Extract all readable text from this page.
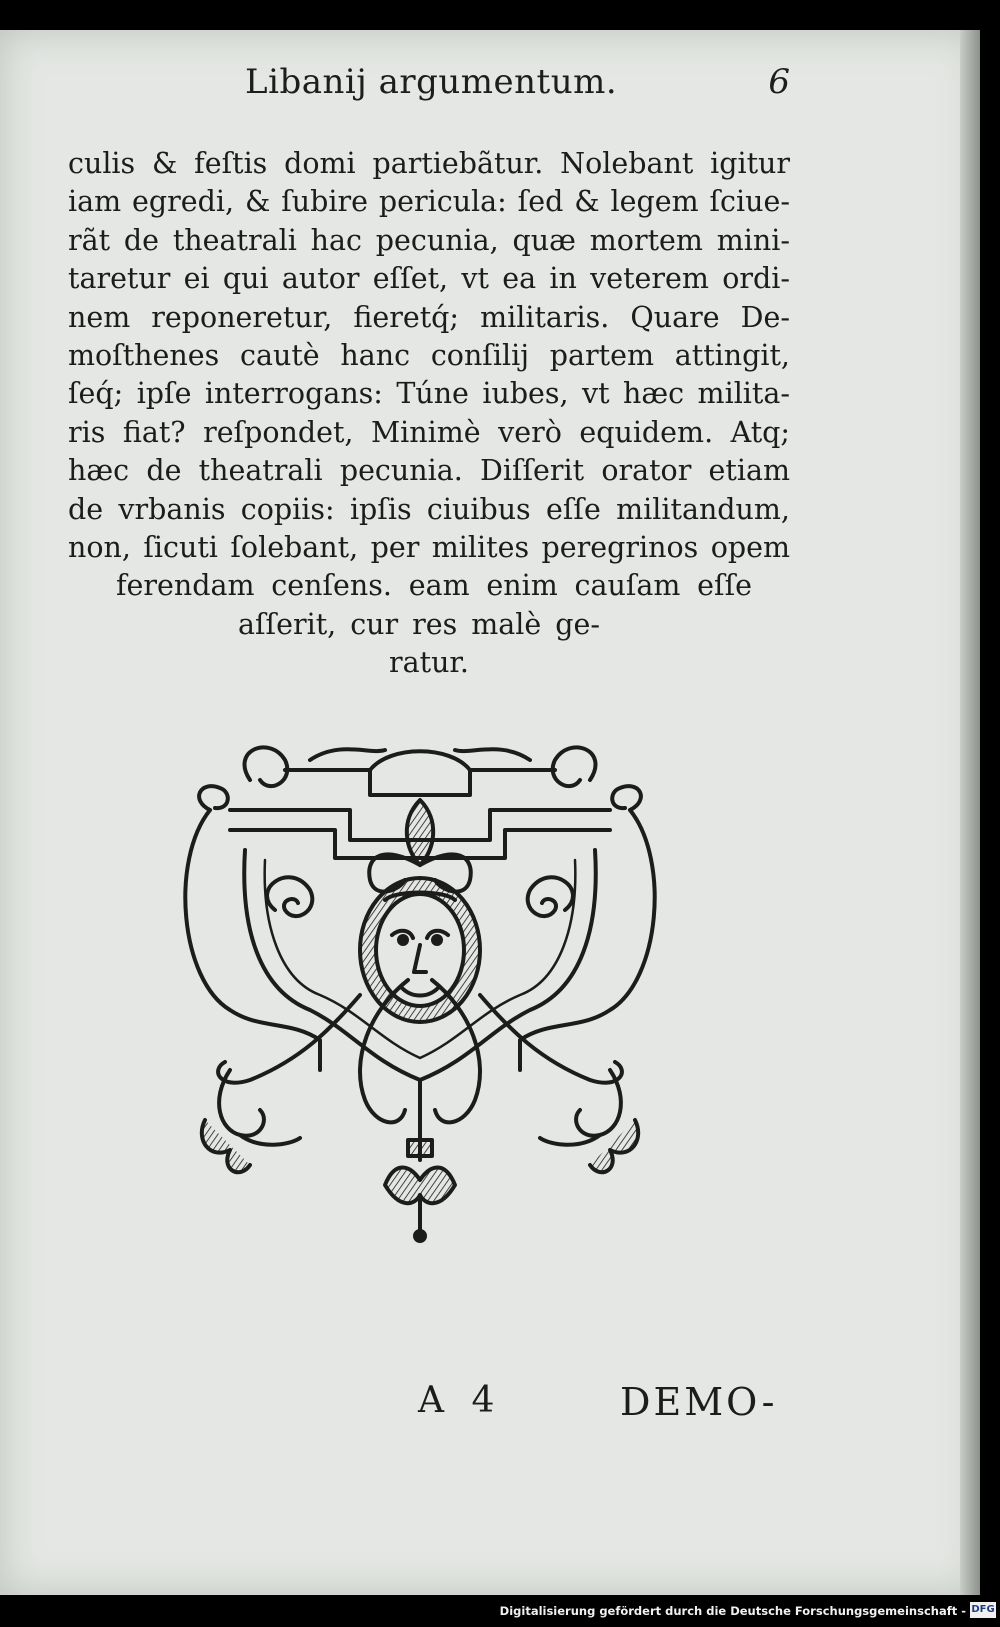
Libanij argumentum.	6
culis & feſtis domi partiebãtur. Nolebant igitur
iam egredi, & ſubire pericula: ſed & legem ſciue-
rãt de theatrali hac pecunia, quæ mortem mini-
taretur ei qui autor eſſet, vt ea in veterem ordi-
nem reponeretur, fieretq́; militaris. Quare De-
moſthenes cautè hanc conſilij partem attingit,
ſeq́; ipſe interrogans: Túne iubes, vt hæc milita-
ris fiat? reſpondet, Minimè verò equidem. Atq;
hæc de theatrali pecunia. Diſſerit orator etiam
de vrbanis copiis: ipſis ciuibus eſſe militandum,
non, ſicuti ſolebant, per milites peregrinos opem
ferendam cenſens. eam enim cauſam eſſe
aſſerit, cur res malè ge-
ratur.
A 4	DEMO-
Digitalisierung gefördert durch die Deutsche Forschungsgemeinschaft - DFG
